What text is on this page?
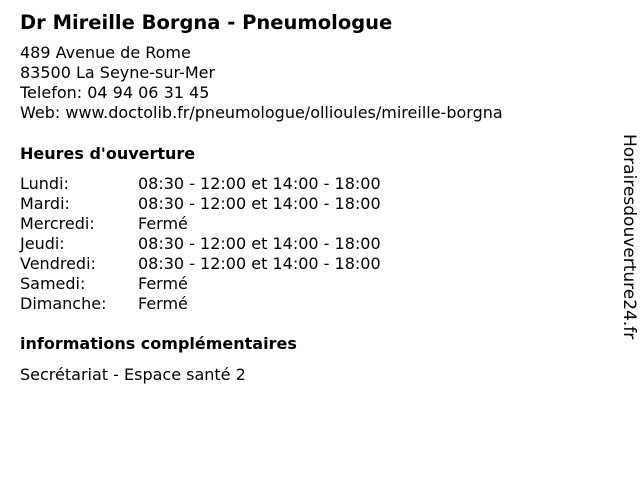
Dr Mireille Borgna - Pneumologue
489 Avenue de Rome
83500 La Seyne-sur-Mer
Telefon: 04 94 06 31 45
Web: www.doctolib.fr/pneumologue/ollioules/mireille-borgna
Heures d'ouverture
Lundi:	08:30 - 12:00 et 14:00 - 18:00
Mardi:	08:30 - 12:00 et 14:00 - 18:00
Mercredi:	Fermé
Jeudi:	08:30 - 12:00 et 14:00 - 18:00
Vendredi:	08:30 - 12:00 et 14:00 - 18:00
Samedi:	Fermé
Dimanche: Fermé
informations complémentaires
Secrétariat - Espace santé 2
Horairesdouverture24.fr
